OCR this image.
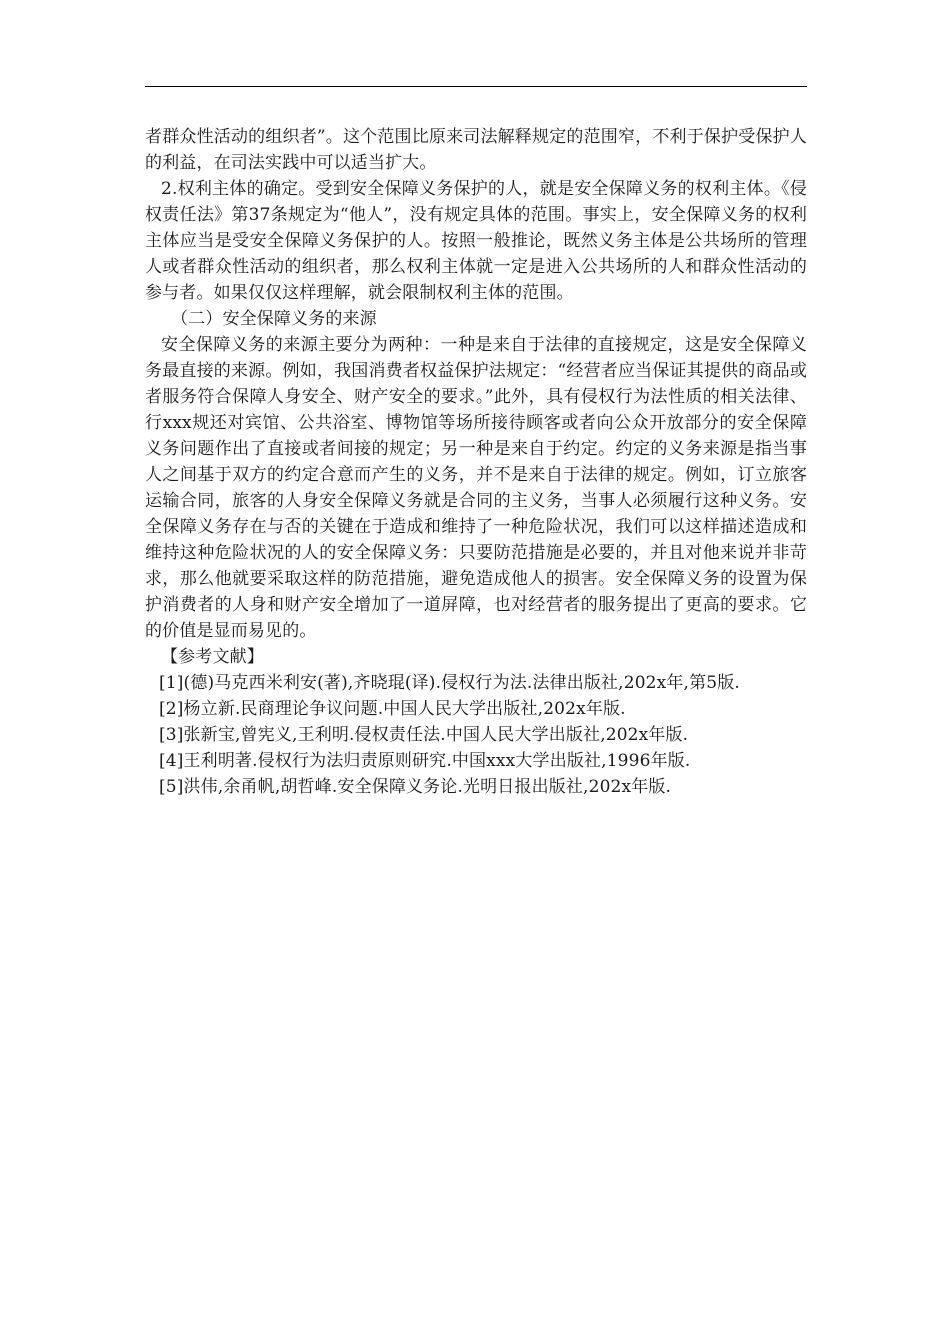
者群众性活动的组织者”。这个范围比原来司法解释规定的范围窄，不利于保护受保护人的利益，在司法实践中可以适当扩大。

2.权利主体的确定。受到安全保障义务保护的人，就是安全保障义务的权利主体。《侵权责任法》第37条规定为“他人”，没有规定具体的范围。事实上，安全保障义务的权利主体应当是受安全保障义务保护的人。按照一般推论，既然义务主体是公共场所的管理人或者群众性活动的组织者，那么权利主体就一定是进入公共场所的人和群众性活动的参与者。如果仅仅这样理解，就会限制权利主体的范围。

（二）安全保障义务的来源

安全保障义务的来源主要分为两种：一种是来自于法律的直接规定，这是安全保障义务最直接的来源。例如，我国消费者权益保护法规定：“经营者应当保证其提供的商品或者服务符合保障人身安全、财产安全的要求。”此外，具有侵权行为法性质的相关法律、行xxx规还对宾馆、公共浴室、博物馆等场所接待顾客或者向公众开放部分的安全保障义务问题作出了直接或者间接的规定；另一种是来自于约定。约定的义务来源是指当事人之间基于双方的约定合意而产生的义务，并不是来自于法律的规定。例如，订立旅客运输合同，旅客的人身安全保障义务就是合同的主义务，当事人必须履行这种义务。安全保障义务存在与否的关键在于造成和维持了一种危险状况，我们可以这样描述造成和维持这种危险状况的人的安全保障义务：只要防范措施是必要的，并且对他来说并非苛求，那么他就要采取这样的防范措施，避免造成他人的损害。安全保障义务的设置为保护消费者的人身和财产安全增加了一道屏障，也对经营者的服务提出了更高的要求。它的价值是显而易见的。

【参考文献】

[1](德)马克西米利安(著),齐晓琨(译).侵权行为法.法律出版社,202x年,第5版.
[2]杨立新.民商理论争议问题.中国人民大学出版社,202x年版.
[3]张新宝,曾宪义,王利明.侵权责任法.中国人民大学出版社,202x年版.
[4]王利明著.侵权行为法归责原则研究.中国xxx大学出版社,1996年版.
[5]洪伟,余甬帆,胡哲峰.安全保障义务论.光明日报出版社,202x年版.
